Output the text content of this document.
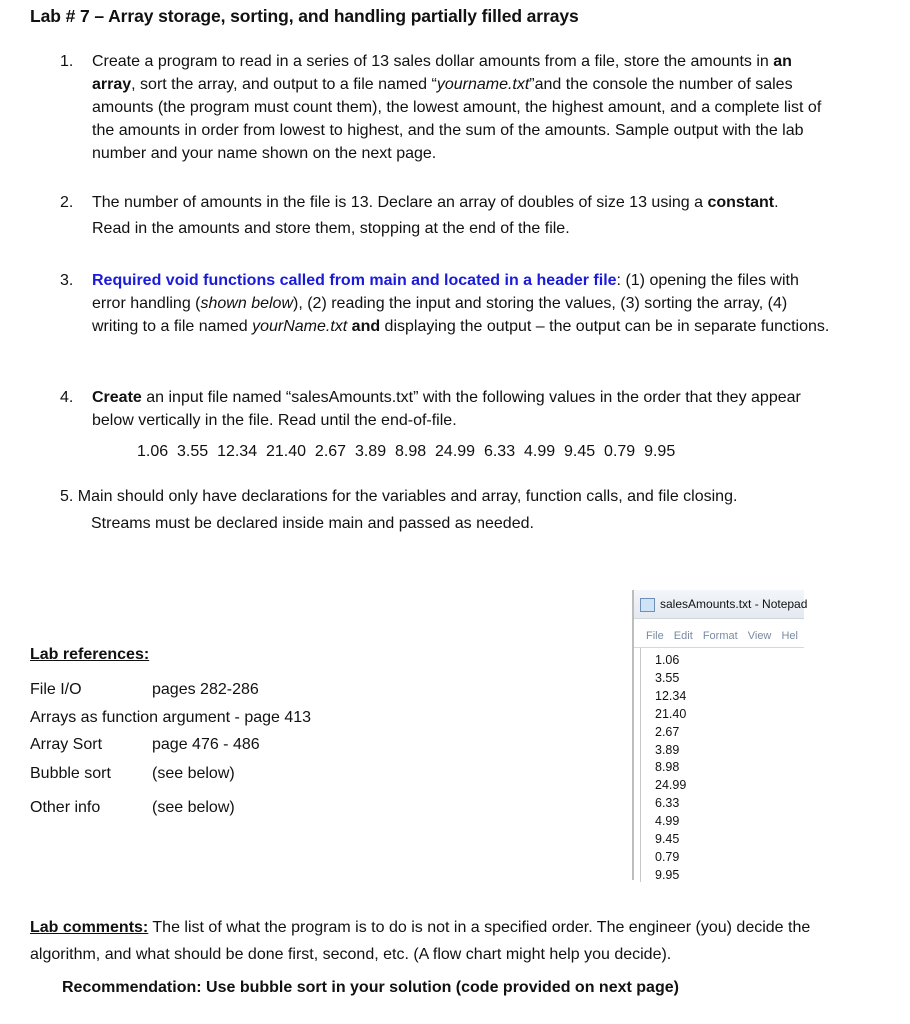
Lab # 7 – Array storage, sorting, and handling partially filled arrays
1. Create a program to read in a series of 13 sales dollar amounts from a file, store the amounts in an array, sort the array, and output to a file named “yourname.txt”and the console the number of sales amounts (the program must count them), the lowest amount, the highest amount, and a complete list of the amounts in order from lowest to highest, and the sum of the amounts. Sample output with the lab number and your name shown on the next page.
2. The number of amounts in the file is 13. Declare an array of doubles of size 13 using a constant.
Read in the amounts and store them, stopping at the end of the file.
3. Required void functions called from main and located in a header file: (1) opening the files with error handling (shown below), (2) reading the input and storing the values, (3) sorting the array, (4) writing to a file named yourName.txt and displaying the output – the output can be in separate functions.
4. Create an input file named “salesAmounts.txt” with the following values in the order that they appear below vertically in the file. Read until the end-of-file.
1.06  3.55  12.34  21.40  2.67  3.89  8.98  24.99  6.33  4.99  9.45  0.79  9.95
5. Main should only have declarations for the variables and array, function calls, and file closing.
Streams must be declared inside main and passed as needed.
Lab references:
File I/O	pages 282-286
Arrays as function argument - page 413
Array Sort	page 476 - 486
Bubble sort	(see below)
Other info	(see below)
salesAmounts.txt - Notepad
File Edit Format View Hel
1.06
3.55
12.34
21.40
2.67
3.89
8.98
24.99
6.33
4.99
9.45
0.79
9.95
Lab comments: The list of what the program is to do is not in a specified order. The engineer (you) decide the algorithm, and what should be done first, second, etc. (A flow chart might help you decide).
Recommendation: Use bubble sort in your solution (code provided on next page)
